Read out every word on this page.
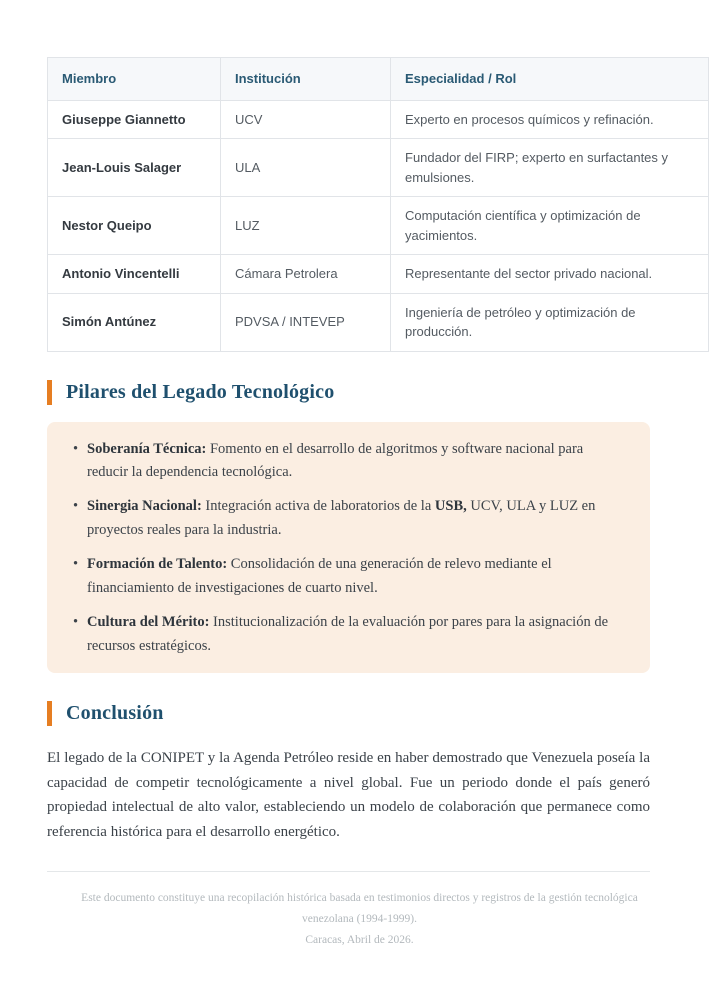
Miembro	Institución	Especialidad / Rol
Giuseppe Giannetto	UCV	Experto en procesos químicos y refinación.
Jean-Louis Salager	ULA	Fundador del FIRP; experto en surfactantes y emulsiones.
Nestor Queipo	LUZ	Computación científica y optimización de yacimientos.
Antonio Vincentelli	Cámara Petrolera	Representante del sector privado nacional.
Simón Antúnez	PDVSA / INTEVEP	Ingeniería de petróleo y optimización de producción.
Pilares del Legado Tecnológico
• Soberanía Técnica: Fomento en el desarrollo de algoritmos y software nacional para reducir la dependencia tecnológica.
• Sinergia Nacional: Integración activa de laboratorios de la USB, UCV, ULA y LUZ en proyectos reales para la industria.
• Formación de Talento: Consolidación de una generación de relevo mediante el financiamiento de investigaciones de cuarto nivel.
• Cultura del Mérito: Institucionalización de la evaluación por pares para la asignación de recursos estratégicos.
Conclusión

El legado de la CONIPET y la Agenda Petróleo reside en haber demostrado que Venezuela poseía la capacidad de competir tecnológicamente a nivel global. Fue un periodo donde el país generó propiedad intelectual de alto valor, estableciendo un modelo de colaboración que permanece como referencia histórica para el desarrollo energético.

Este documento constituye una recopilación histórica basada en testimonios directos y registros de la gestión tecnológica venezolana (1994-1999).
Caracas, Abril de 2026.
